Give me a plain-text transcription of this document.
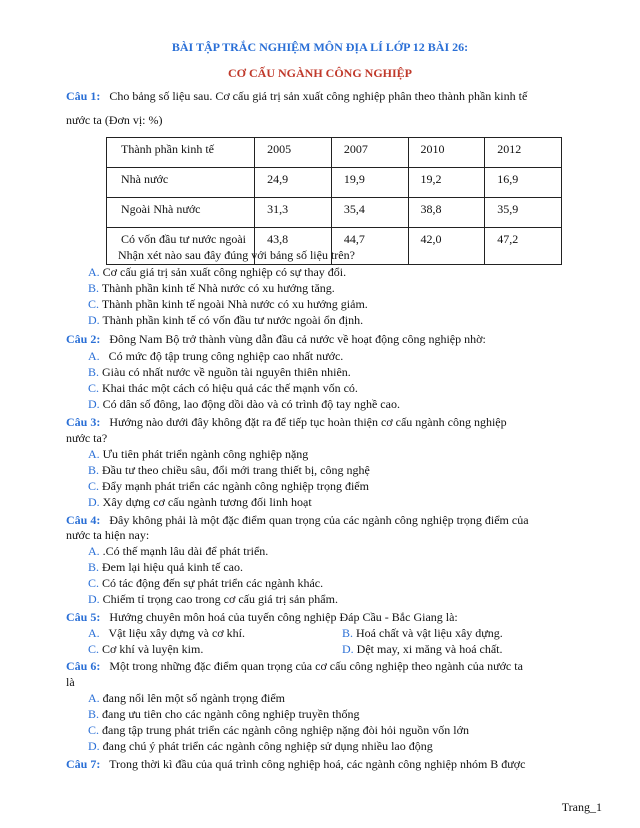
BÀI TẬP TRẮC NGHIỆM MÔN ĐỊA LÍ LỚP 12 BÀI 26:
CƠ CẤU NGÀNH CÔNG NGHIỆP
Câu 1: Cho bảng số liệu sau. Cơ cấu giá trị sản xuất công nghiệp phân theo thành phần kinh tế
nước ta (Đơn vị: %)
Thành phần kinh tế	2005	2007	2010	2012
Nhà nước	24,9	19,9	19,2	16,9
Ngoài Nhà nước	31,3	35,4	38,8	35,9
Có vốn đầu tư nước ngoài	43,8	44,7	42,0	47,2
Nhận xét nào sau đây đúng với bảng số liệu trên?
A. Cơ cấu giá trị sản xuất công nghiệp có sự thay đổi.
B. Thành phần kinh tế Nhà nước có xu hướng tăng.
C. Thành phần kinh tế ngoài Nhà nước có xu hướng giảm.
D. Thành phần kinh tế có vốn đầu tư nước ngoài ổn định.
Câu 2: Đông Nam Bộ trở thành vùng dẫn đầu cả nước về hoạt động công nghiệp nhờ:
A. Có mức độ tập trung công nghiệp cao nhất nước.
B. Giàu có nhất nước về nguồn tài nguyên thiên nhiên.
C. Khai thác một cách có hiệu quả các thế mạnh vốn có.
D. Có dân số đông, lao động dồi dào và có trình độ tay nghề cao.
Câu 3: Hướng nào dưới đây không đặt ra để tiếp tục hoàn thiện cơ cấu ngành công nghiệp
nước ta?
A. Ưu tiên phát triển ngành công nghiệp nặng
B. Đầu tư theo chiều sâu, đổi mới trang thiết bị, công nghệ
C. Đẩy mạnh phát triển các ngành công nghiệp trọng điểm
D. Xây dựng cơ cấu ngành tương đối linh hoạt
Câu 4: Đây không phải là một đặc điểm quan trọng của các ngành công nghiệp trọng điểm của
nước ta hiện nay:
A. .Có thế mạnh lâu dài để phát triển.
B. Đem lại hiệu quả kinh tế cao.
C. Có tác động đến sự phát triển các ngành khác.
D. Chiếm tỉ trọng cao trong cơ cấu giá trị sản phẩm.
Câu 5: Hướng chuyên môn hoá của tuyến công nghiệp Đáp Cầu - Bắc Giang là:
A. Vật liệu xây dựng và cơ khí.	B. Hoá chất và vật liệu xây dựng.
C. Cơ khí và luyện kim.	D. Dệt may, xi măng và hoá chất.
Câu 6: Một trong những đặc điểm quan trọng của cơ cấu công nghiệp theo ngành của nước ta
là
A. đang nổi lên một số ngành trọng điểm
B. đang ưu tiên cho các ngành công nghiệp truyền thống
C. đang tập trung phát triển các ngành công nghiệp nặng đòi hỏi nguồn vốn lớn
D. đang chú ý phát triển các ngành công nghiệp sử dụng nhiều lao động
Câu 7: Trong thời kì đầu của quá trình công nghiệp hoá, các ngành công nghiệp nhóm B được
Trang_1
